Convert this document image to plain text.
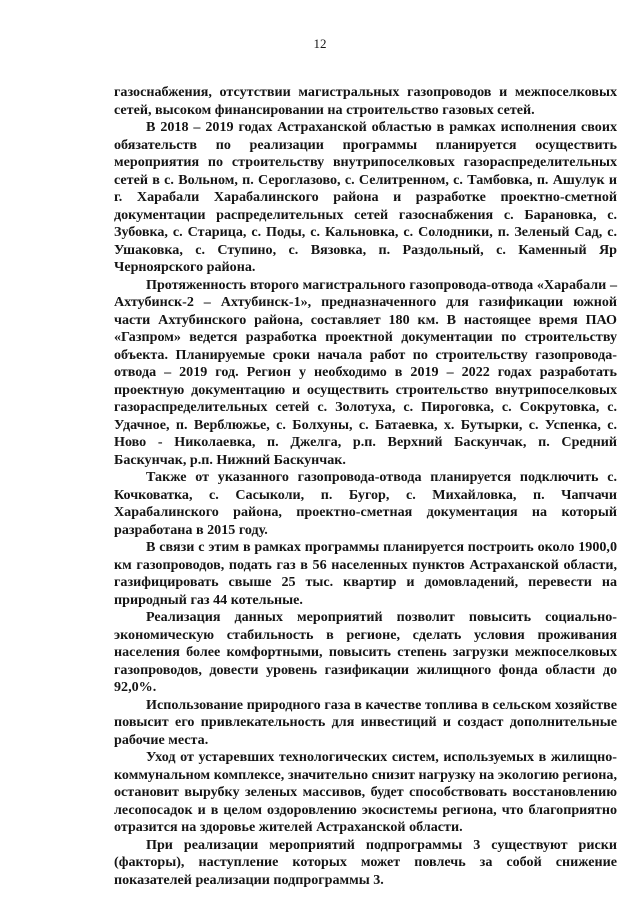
12

газоснабжения, отсутствии магистральных газопроводов и межпоселковых сетей, высоком финансировании на строительство газовых сетей.

В 2018 – 2019 годах Астраханской областью в рамках исполнения своих обязательств по реализации программы планируется осуществить мероприятия по строительству внутрипоселковых газораспределительных сетей в с. Вольном, п. Сероглазово, с. Селитренном, с. Тамбовка, п. Ашулук и г. Харабали Харабалинского района и разработке проектно-сметной документации распределительных сетей газоснабжения с. Барановка, с. Зубовка, с. Старица, с. Поды, с. Кальновка, с. Солодники, п. Зеленый Сад, с. Ушаковка, с. Ступино, с. Вязовка, п. Раздольный, с. Каменный Яр Черноярского района.

Протяженность второго магистрального газопровода-отвода «Харабали – Ахтубинск-2 – Ахтубинск-1», предназначенного для газификации южной части Ахтубинского района, составляет 180 км. В настоящее время ПАО «Газпром» ведется разработка проектной документации по строительству объекта. Планируемые сроки начала работ по строительству газопровода-отвода – 2019 год. Регион у необходимо в 2019 – 2022 годах разработать проектную документацию и осуществить строительство внутрипоселковых газораспределительных сетей с. Золотуха, с. Пироговка, с. Сокрутовка, с. Удачное, п. Верблюжье, с. Болхуны, с. Батаевка, х. Бутырки, с. Успенка, с. Ново - Николаевка, п. Джелга, р.п. Верхний Баскунчак, п. Средний Баскунчак, р.п. Нижний Баскунчак.

Также от указанного газопровода-отвода планируется подключить с. Кочковатка, с. Сасыколи, п. Бугор, с. Михайловка, п. Чапчачи Харабалинского района, проектно-сметная документация на который разработана в 2015 году.

В связи с этим в рамках программы планируется построить около 1900,0 км газопроводов, подать газ в 56 населенных пунктов Астраханской области, газифицировать свыше 25 тыс. квартир и домовладений, перевести на природный газ 44 котельные.

Реализация данных мероприятий позволит повысить социально-экономическую стабильность в регионе, сделать условия проживания населения более комфортными, повысить степень загрузки межпоселковых газопроводов, довести уровень газификации жилищного фонда области до 92,0%.

Использование природного газа в качестве топлива в сельском хозяйстве повысит его привлекательность для инвестиций и создаст дополнительные рабочие места.

Уход от устаревших технологических систем, используемых в жилищно-коммунальном комплексе, значительно снизит нагрузку на экологию региона, остановит вырубку зеленых массивов, будет способствовать восстановлению лесопосадок и в целом оздоровлению экосистемы региона, что благоприятно отразится на здоровье жителей Астраханской области.

При реализации мероприятий подпрограммы 3 существуют риски (факторы), наступление которых может повлечь за собой снижение показателей реализации подпрограммы 3.
